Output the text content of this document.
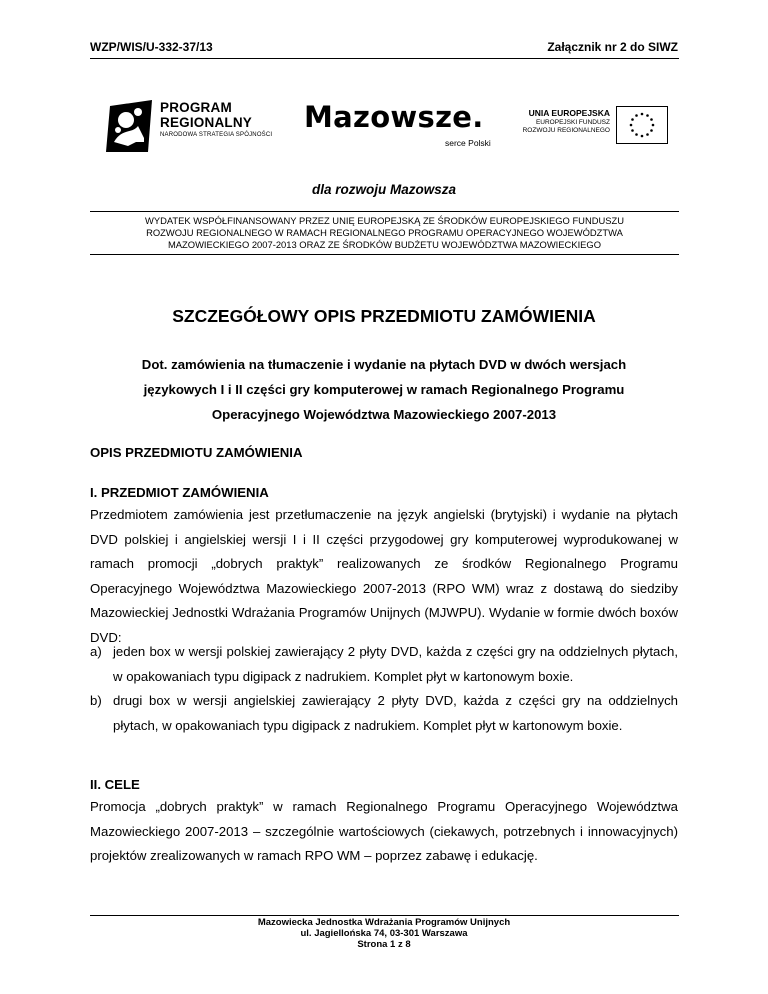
WZP/WIS/U-332-37/13	Załącznik nr 2 do SIWZ
PROGRAM
REGIONALNY
NARODOWA STRATEGIA SPÓJNOŚCI
Mazowsze.
serce Polski
UNIA EUROPEJSKA
EUROPEJSKI FUNDUSZ
ROZWOJU REGIONALNEGO
dla rozwoju Mazowsza
WYDATEK WSPÓŁFINANSOWANY PRZEZ UNIĘ EUROPEJSKĄ ZE ŚRODKÓW EUROPEJSKIEGO FUNDUSZU
ROZWOJU REGIONALNEGO W RAMACH REGIONALNEGO PROGRAMU OPERACYJNEGO WOJEWÓDZTWA
MAZOWIECKIEGO 2007-2013 ORAZ ZE ŚRODKÓW BUDŻETU WOJEWÓDZTWA MAZOWIECKIEGO
SZCZEGÓŁOWY OPIS PRZEDMIOTU ZAMÓWIENIA
Dot. zamówienia na tłumaczenie i wydanie na płytach DVD w dwóch wersjach
językowych I i II części gry komputerowej w ramach Regionalnego Programu
Operacyjnego Województwa Mazowieckiego 2007-2013
OPIS PRZEDMIOTU ZAMÓWIENIA
I. PRZEDMIOT ZAMÓWIENIA
Przedmiotem zamówienia jest przetłumaczenie na język angielski (brytyjski) i wydanie na płytach DVD polskiej i angielskiej wersji I i II części przygodowej gry komputerowej wyprodukowanej w ramach promocji „dobrych praktyk” realizowanych ze środków Regionalnego Programu Operacyjnego Województwa Mazowieckiego 2007-2013 (RPO WM) wraz z dostawą do siedziby Mazowieckiej Jednostki Wdrażania Programów Unijnych (MJWPU). Wydanie w formie dwóch boxów DVD:
a) jeden box w wersji polskiej zawierający 2 płyty DVD, każda z części gry na oddzielnych płytach, w opakowaniach typu digipack z nadrukiem. Komplet płyt w kartonowym boxie.
b) drugi box w wersji angielskiej zawierający 2 płyty DVD, każda z części gry na oddzielnych płytach, w opakowaniach typu digipack z nadrukiem. Komplet płyt w kartonowym boxie.
II. CELE
Promocja „dobrych praktyk” w ramach Regionalnego Programu Operacyjnego Województwa Mazowieckiego 2007-2013 – szczególnie wartościowych (ciekawych, potrzebnych i innowacyjnych) projektów zrealizowanych w ramach RPO WM – poprzez zabawę i edukację.
Mazowiecka Jednostka Wdrażania Programów Unijnych
ul. Jagiellońska 74, 03-301 Warszawa
Strona 1 z 8
